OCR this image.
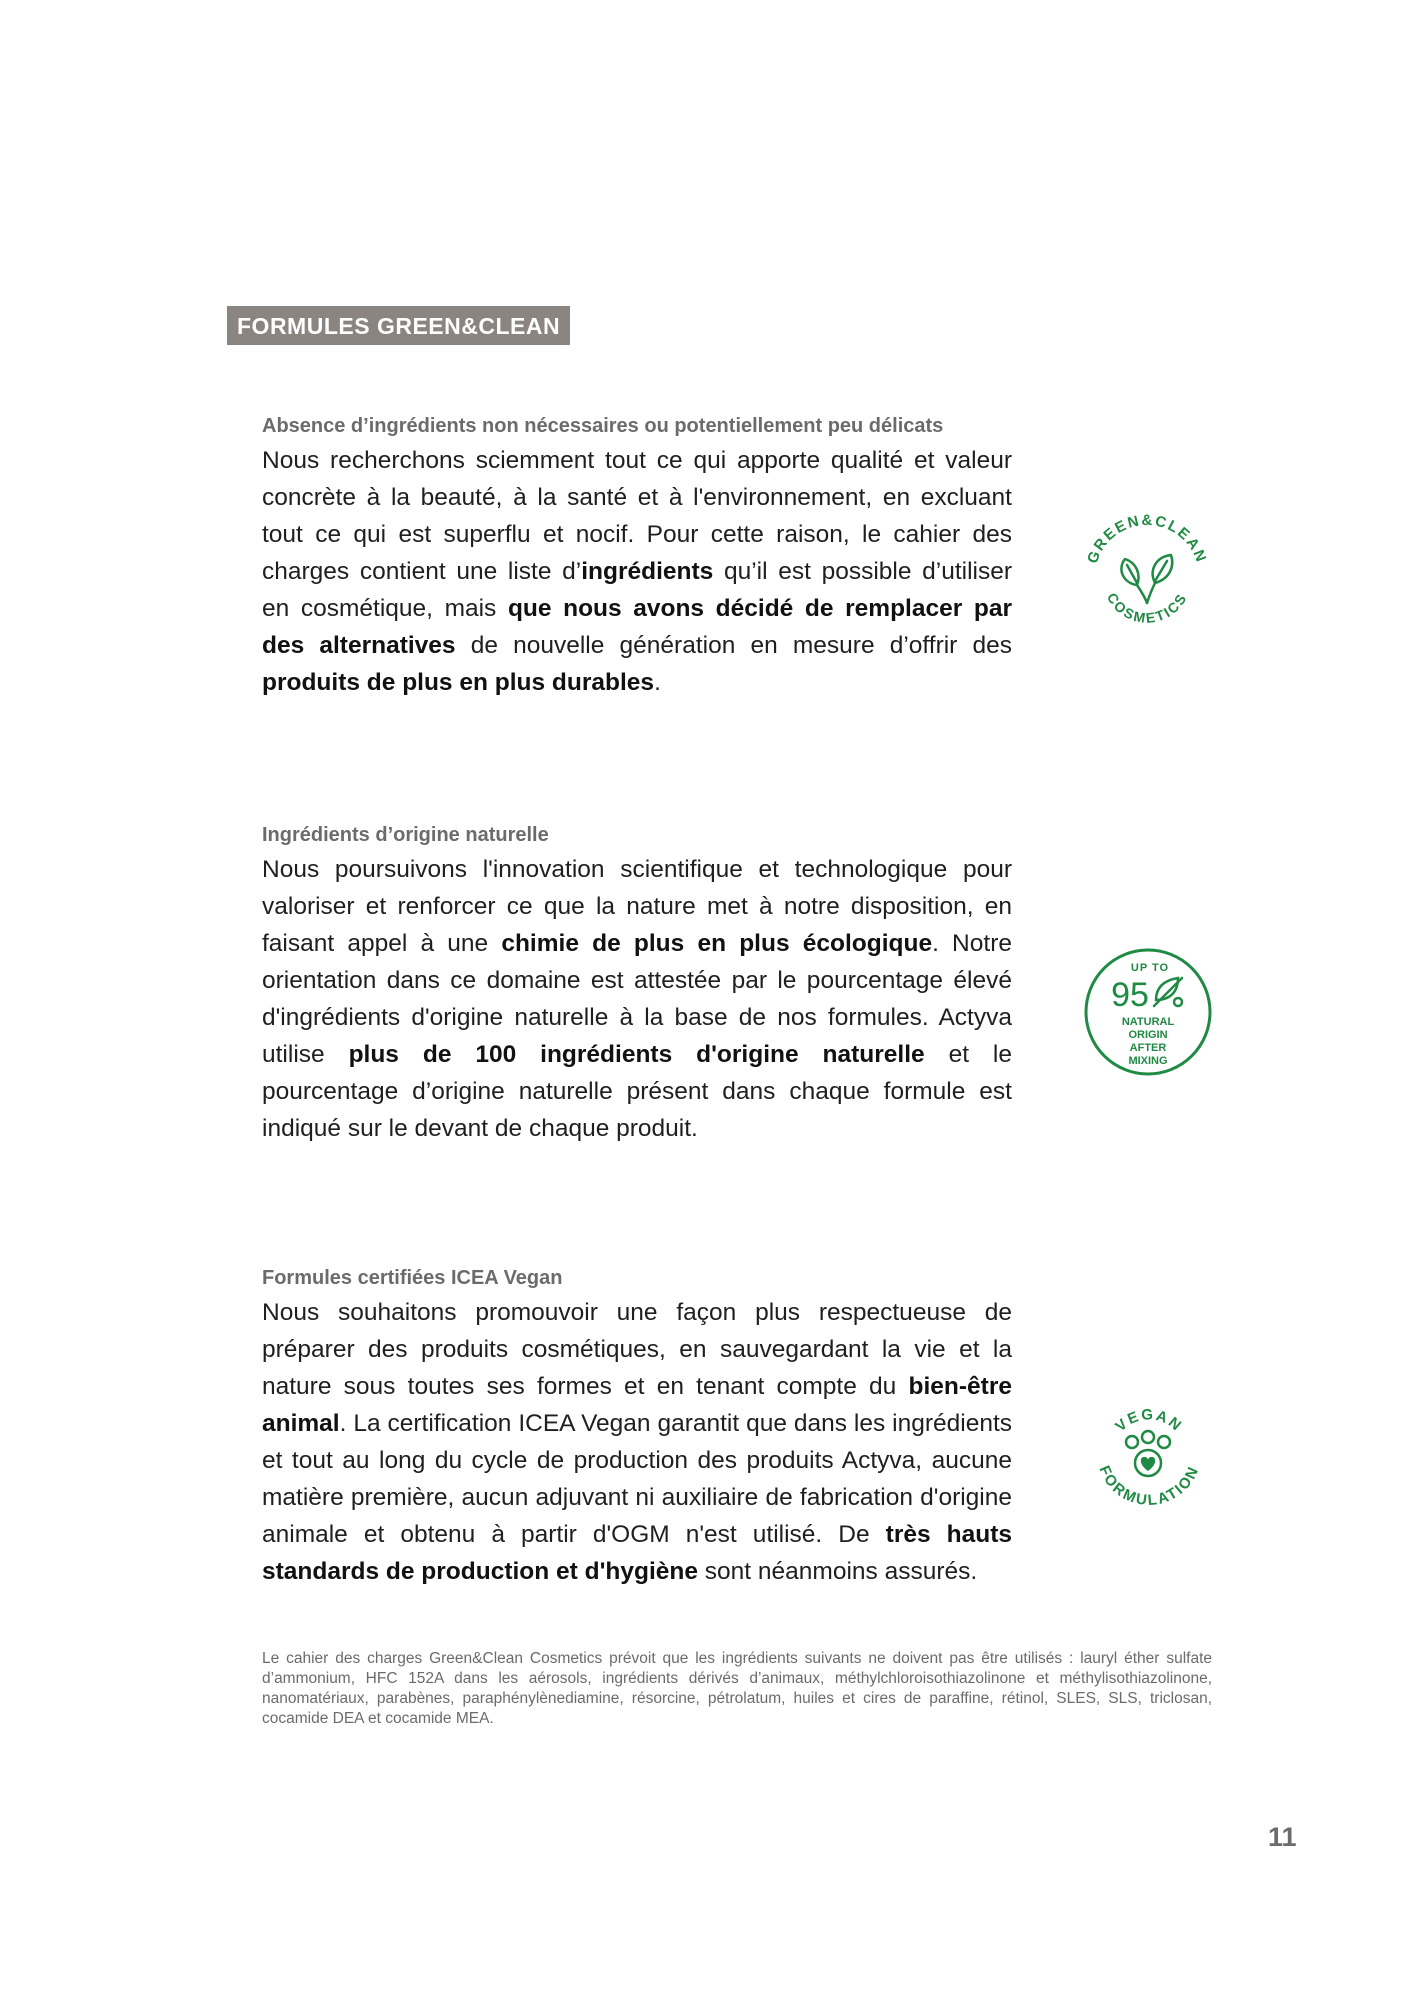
FORMULES GREEN&CLEAN
Absence d’ingrédients non nécessaires ou potentiellement peu délicats

Nous recherchons sciemment tout ce qui apporte qualité et valeur concrète à la beauté, à la santé et à l'environnement, en excluant tout ce qui est superflu et nocif. Pour cette raison, le cahier des charges contient une liste d’ingrédients qu’il est possible d’utiliser en cosmétique, mais que nous avons décidé de remplacer par des alternatives de nouvelle génération en mesure d’offrir des produits de plus en plus durables.

Ingrédients d’origine naturelle

Nous poursuivons l'innovation scientifique et technologique pour valoriser et renforcer ce que la nature met à notre disposition, en faisant appel à une chimie de plus en plus écologique. Notre orientation dans ce domaine est attestée par le pourcentage élevé d'ingrédients d'origine naturelle à la base de nos formules. Actyva utilise plus de 100 ingrédients d'origine naturelle et le pourcentage d’origine naturelle présent dans chaque formule est indiqué sur le devant de chaque produit.

Formules certifiées ICEA Vegan

Nous souhaitons promouvoir une façon plus respectueuse de préparer des produits cosmétiques, en sauvegardant la vie et la nature sous toutes ses formes et en tenant compte du bien-être animal. La certification ICEA Vegan garantit que dans les ingrédients et tout au long du cycle de production des produits Actyva, aucune matière première, aucun adjuvant ni auxiliaire de fabrication d'origine animale et obtenu à partir d'OGM n'est utilisé. De très hauts standards de production et d'hygiène sont néanmoins assurés.

GREEN&CLEAN
COSMETICS
UP TO
95
NATURAL
ORIGIN
AFTER
MIXING
VEGAN
FORMULATION

Le cahier des charges Green&Clean Cosmetics prévoit que les ingrédients suivants ne doivent pas être utilisés : lauryl éther sulfate d’ammonium, HFC 152A dans les aérosols, ingrédients dérivés d’animaux, méthylchloroisothiazolinone et méthylisothiazolinone, nanomatériaux, parabènes, paraphénylènediamine, résorcine, pétrolatum, huiles et cires de paraffine, rétinol, SLES, SLS, triclosan, cocamide DEA et cocamide MEA.

11
